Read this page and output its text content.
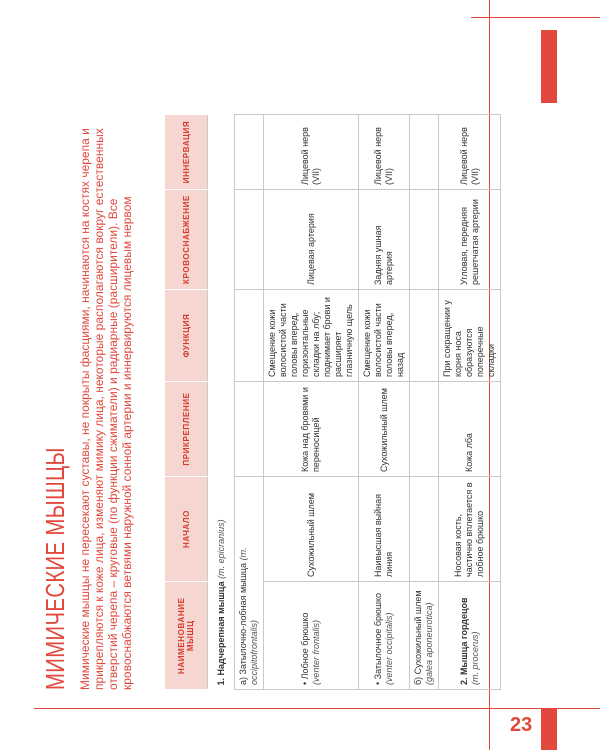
23
МИМИЧЕСКИЕ МЫШЦЫ Мимические мышцы не пересекают суставы, не покрыты фасциями, начинаются на костях черепа и прикрепляются к коже лица, изменяют мимику лица, некоторые располагаются вокруг естественных отверстий черепа – круговые (по функции сжиматели) и радиарные (расширители). Все кровоснабжаются ветвями наружной сонной артерии и иннервируются лицевым нервом	НАИМЕНОВАНИЕ МЫШЦ	НАЧАЛО	ПРИКРЕПЛЕНИЕ	ФУНКЦИЯ	КРОВОСНАБЖЕНИЕ	ИННЕРВАЦИЯ
1. Надчерепная мышца (m. epicranius)					
а) Затылочно-лобная мышца (m. occipitofrontalis)					

• Лобное брюшко (venter frontalis)	Сухожильный шлем	Кожа над бровями и переносицей	Смещение кожи волосистой части головы вперед, горизонтальные складки на лбу; поднимает брови и расширяет глазничную щель	Лицевая артерия	Лицевой нерв (VII)

• Затылочное брюшко (venter occipitalis)	Наивысшая выйная линия	Сухожильный шлем	Смещение кожи волосистой части головы вперед, назад	Задняя ушная артерия	Лицевой нерв (VII)

б) Сухожильный шлем (galea aponeurotica)					

2. Мышца гордецов (m. procerus)	Носовая кость, частично вплетается в лобное брюшко	Кожа лба	При сокращении у корня носа образуются поперечные складки	Угловая, передняя решетчатая артерии	Лицевой нерв (VII)
